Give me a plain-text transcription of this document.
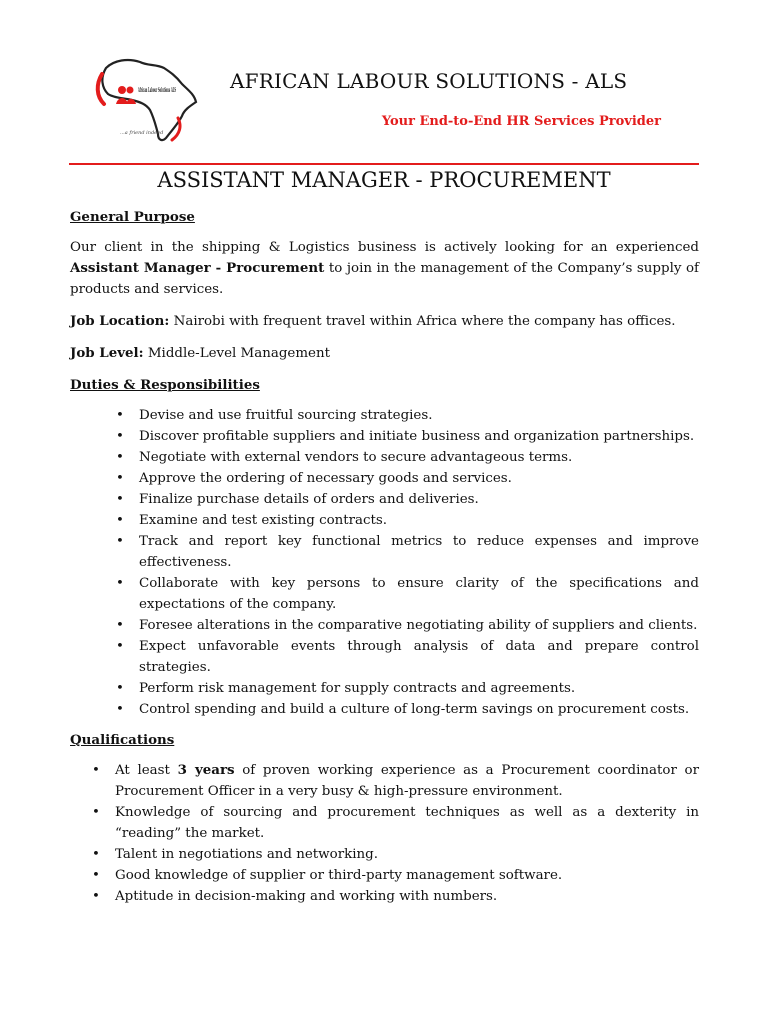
African Labour Solutions ALS
...a friend indeed
AFRICAN LABOUR SOLUTIONS - ALS
Your End-to-End HR Services Provider
ASSISTANT MANAGER - PROCUREMENT
General Purpose

Our client in the shipping & Logistics business is actively looking for an experienced Assistant Manager - Procurement to join in the management of the Company’s supply of products and services.

Job Location: Nairobi with frequent travel within Africa where the company has offices.

Job Level: Middle-Level Management

Duties & Responsibilities
• Devise and use fruitful sourcing strategies.
• Discover profitable suppliers and initiate business and organization partnerships.
• Negotiate with external vendors to secure advantageous terms.
• Approve the ordering of necessary goods and services.
• Finalize purchase details of orders and deliveries.
• Examine and test existing contracts.
• Track and report key functional metrics to reduce expenses and improve effectiveness.
• Collaborate with key persons to ensure clarity of the specifications and expectations of the company.
• Foresee alterations in the comparative negotiating ability of suppliers and clients.
• Expect unfavorable events through analysis of data and prepare control strategies.
• Perform risk management for supply contracts and agreements.
• Control spending and build a culture of long-term savings on procurement costs.
Qualifications
• At least 3 years of proven working experience as a Procurement coordinator or Procurement Officer in a very busy & high-pressure environment.
• Knowledge of sourcing and procurement techniques as well as a dexterity in “reading” the market.
• Talent in negotiations and networking.
• Good knowledge of supplier or third-party management software.
• Aptitude in decision-making and working with numbers.
